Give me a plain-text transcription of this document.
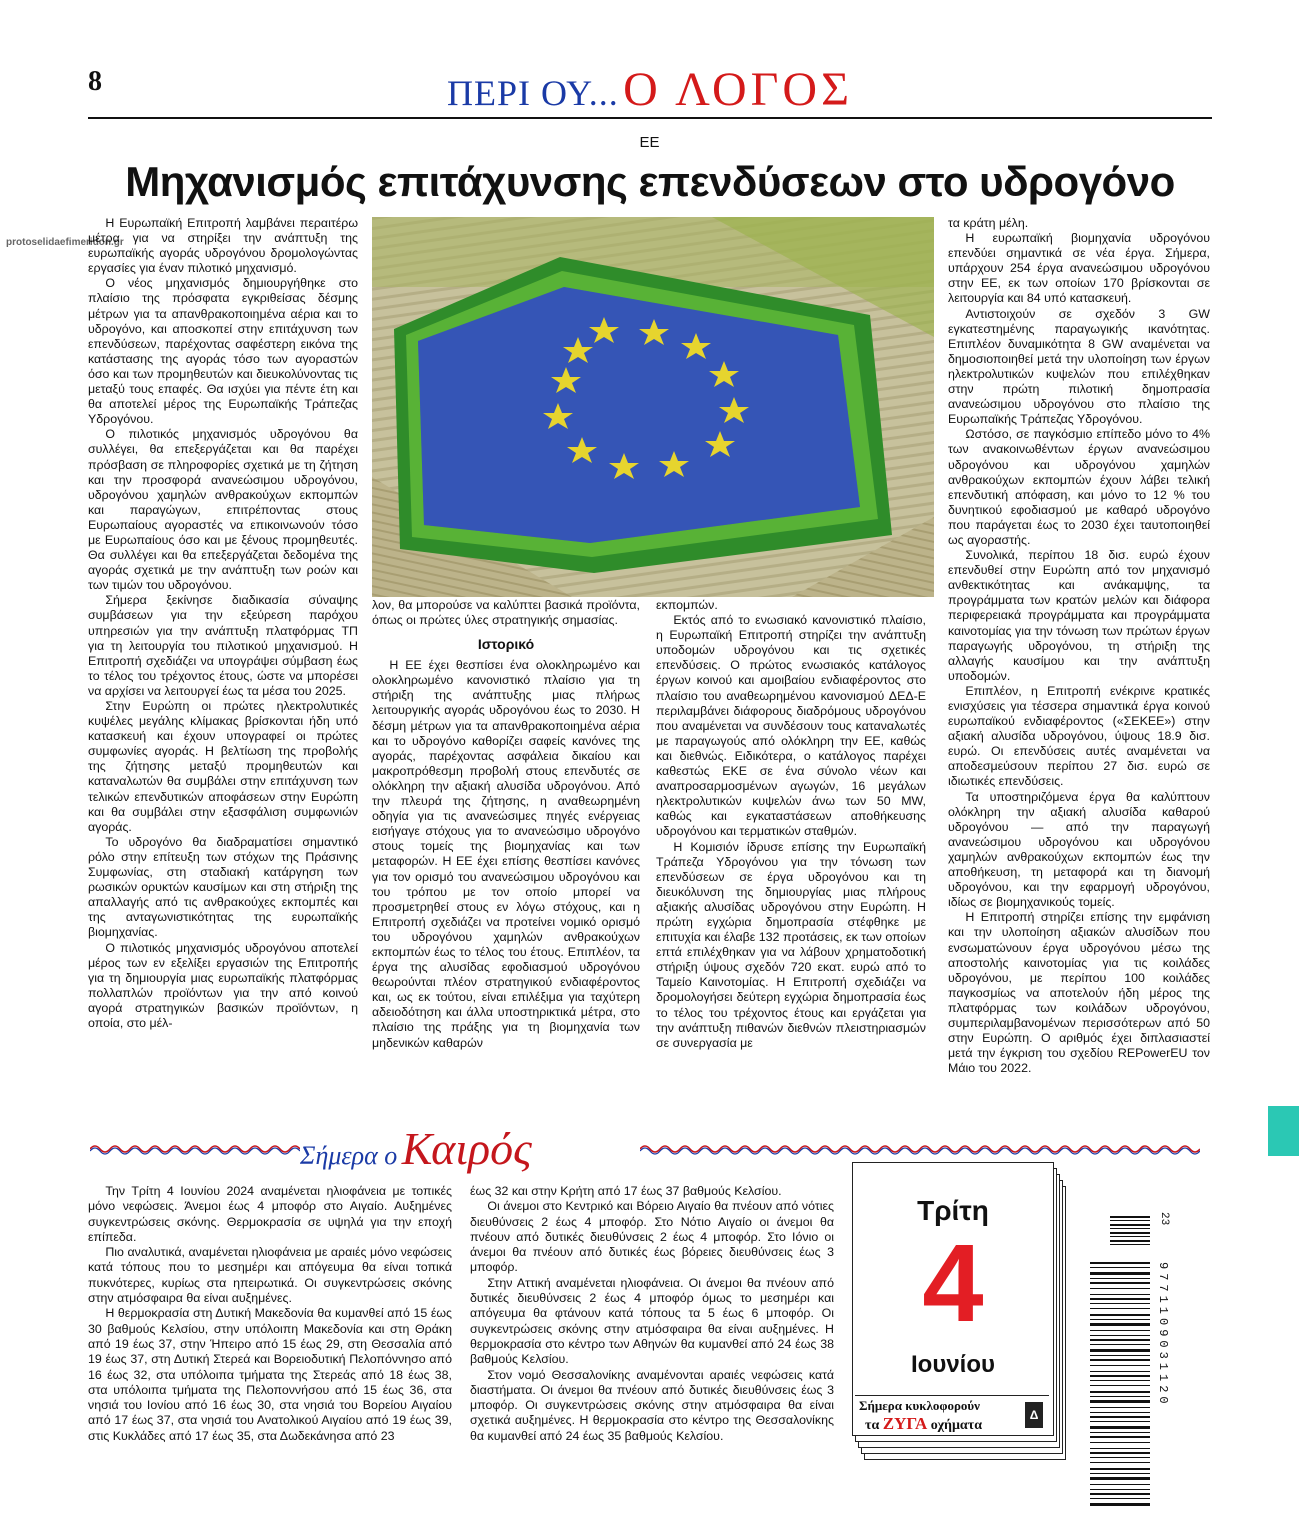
8	ΠΕΡΙ ΟΥ... Ο ΛΟΓΟΣ
ΕΕ
Μηχανισμός επιτάχυνσης επενδύσεων στο υδρογόνο
protoselidaefimeridon.gr

Η Ευρωπαϊκή Επιτροπή λαμβάνει περαιτέρω μέτρα για να στηρίξει την ανάπτυξη της ευρωπαϊκής αγοράς υδρογόνου δρομολογώντας εργασίες για έναν πιλοτικό μηχανισμό.

Ο νέος μηχανισμός δημιουργήθηκε στο πλαίσιο της πρόσφατα εγκριθείσας δέσμης μέτρων για τα απανθρακοποιημένα αέρια και το υδρογόνο, και αποσκοπεί στην επιτάχυνση των επενδύσεων, παρέχοντας σαφέστερη εικόνα της κατάστασης της αγοράς τόσο των αγοραστών όσο και των προμηθευτών και διευκολύνοντας τις μεταξύ τους επαφές. Θα ισχύει για πέντε έτη και θα αποτελεί μέρος της Ευρωπαϊκής Τράπεζας Υδρογόνου.

Ο πιλοτικός μηχανισμός υδρογόνου θα συλλέγει, θα επεξεργάζεται και θα παρέχει πρόσβαση σε πληροφορίες σχετικά με τη ζήτηση και την προσφορά ανανεώσιμου υδρογόνου, υδρογόνου χαμηλών ανθρακούχων εκπομπών και παραγώγων, επιτρέποντας στους Ευρωπαίους αγοραστές να επικοινωνούν τόσο με Ευρωπαίους όσο και με ξένους προμηθευτές. Θα συλλέγει και θα επεξεργάζεται δεδομένα της αγοράς σχετικά με την ανάπτυξη των ροών και των τιμών του υδρογόνου.

Σήμερα ξεκίνησε διαδικασία σύναψης συμβάσεων για την εξεύρεση παρόχου υπηρεσιών για την ανάπτυξη πλατφόρμας ΤΠ για τη λειτουργία του πιλοτικού μηχανισμού. Η Επιτροπή σχεδιάζει να υπογράψει σύμβαση έως το τέλος του τρέχοντος έτους, ώστε να μπορέσει να αρχίσει να λειτουργεί έως τα μέσα του 2025.

Στην Ευρώπη οι πρώτες ηλεκτρολυτικές κυψέλες μεγάλης κλίμακας βρίσκονται ήδη υπό κατασκευή και έχουν υπογραφεί οι πρώτες συμφωνίες αγοράς. Η βελτίωση της προβολής της ζήτησης μεταξύ προμηθευτών και καταναλωτών θα συμβάλει στην επιτάχυνση των τελικών επενδυτικών αποφάσεων στην Ευρώπη και θα συμβάλει στην εξασφάλιση συμφωνιών αγοράς.

Το υδρογόνο θα διαδραματίσει σημαντικό ρόλο στην επίτευξη των στόχων της Πράσινης Συμφωνίας, στη σταδιακή κατάργηση των ρωσικών ορυκτών καυσίμων και στη στήριξη της απαλλαγής από τις ανθρακούχες εκπομπές και της ανταγωνιστικότητας της ευρωπαϊκής βιομηχανίας.

Ο πιλοτικός μηχανισμός υδρογόνου αποτελεί μέρος των εν εξελίξει εργασιών της Επιτροπής για τη δημιουργία μιας ευρωπαϊκής πλατφόρμας πολλαπλών προϊόντων για την από κοινού αγορά στρατηγικών βασικών προϊόντων, η οποία, στο μέλ-

λον, θα μπορούσε να καλύπτει βασικά προϊόντα, όπως οι πρώτες ύλες στρατηγικής σημασίας.

Ιστορικό

Η ΕΕ έχει θεσπίσει ένα ολοκληρωμένο και ολοκληρωμένο κανονιστικό πλαίσιο για τη στήριξη της ανάπτυξης μιας πλήρως λειτουργικής αγοράς υδρογόνου έως το 2030. Η δέσμη μέτρων για τα απανθρακοποιημένα αέρια και το υδρογόνο καθορίζει σαφείς κανόνες της αγοράς, παρέχοντας ασφάλεια δικαίου και μακροπρόθεσμη προβολή στους επενδυτές σε ολόκληρη την αξιακή αλυσίδα υδρογόνου. Από την πλευρά της ζήτησης, η αναθεωρημένη οδηγία για τις ανανεώσιμες πηγές ενέργειας εισήγαγε στόχους για το ανανεώσιμο υδρογόνο στους τομείς της βιομηχανίας και των μεταφορών. Η ΕΕ έχει επίσης θεσπίσει κανόνες για τον ορισμό του ανανεώσιμου υδρογόνου και του τρόπου με τον οποίο μπορεί να προσμετρηθεί στους εν λόγω στόχους, και η Επιτροπή σχεδιάζει να προτείνει νομικό ορισμό του υδρογόνου χαμηλών ανθρακούχων εκπομπών έως το τέλος του έτους. Επιπλέον, τα έργα της αλυσίδας εφοδιασμού υδρογόνου θεωρούνται πλέον στρατηγικού ενδιαφέροντος και, ως εκ τούτου, είναι επιλέξιμα για ταχύτερη αδειοδότηση και άλλα υποστηρικτικά μέτρα, στο πλαίσιο της πράξης για τη βιομηχανία των μηδενικών καθαρών

εκπομπών.

Εκτός από το ενωσιακό κανονιστικό πλαίσιο, η Ευρωπαϊκή Επιτροπή στηρίζει την ανάπτυξη υποδομών υδρογόνου και τις σχετικές επενδύσεις. Ο πρώτος ενωσιακός κατάλογος έργων κοινού και αμοιβαίου ενδιαφέροντος στο πλαίσιο του αναθεωρημένου κανονισμού ΔΕΔ-Ε περιλαμβάνει διάφορους διαδρόμους υδρογόνου που αναμένεται να συνδέσουν τους καταναλωτές με παραγωγούς από ολόκληρη την ΕΕ, καθώς και διεθνώς. Ειδικότερα, ο κατάλογος παρέχει καθεστώς ΕΚΕ σε ένα σύνολο νέων και αναπροσαρμοσμένων αγωγών, 16 μεγάλων ηλεκτρολυτικών κυψελών άνω των 50 MW, καθώς και εγκαταστάσεων αποθήκευσης υδρογόνου και τερματικών σταθμών.

Η Κομισιόν ίδρυσε επίσης την Ευρωπαϊκή Τράπεζα Υδρογόνου για την τόνωση των επενδύσεων σε έργα υδρογόνου και τη διευκόλυνση της δημιουργίας μιας πλήρους αξιακής αλυσίδας υδρογόνου στην Ευρώπη. Η πρώτη εγχώρια δημοπρασία στέφθηκε με επιτυχία και έλαβε 132 προτάσεις, εκ των οποίων επτά επιλέχθηκαν για να λάβουν χρηματοδοτική στήριξη ύψους σχεδόν 720 εκατ. ευρώ από το Ταμείο Καινοτομίας. Η Επιτροπή σχεδιάζει να δρομολογήσει δεύτερη εγχώρια δημοπρασία έως το τέλος του τρέχοντος έτους και εργάζεται για την ανάπτυξη πιθανών διεθνών πλειστηριασμών σε συνεργασία με

τα κράτη μέλη.

Η ευρωπαϊκή βιομηχανία υδρογόνου επενδύει σημαντικά σε νέα έργα. Σήμερα, υπάρχουν 254 έργα ανανεώσιμου υδρογόνου στην ΕΕ, εκ των οποίων 170 βρίσκονται σε λειτουργία και 84 υπό κατασκευή.

Αντιστοιχούν σε σχεδόν 3 GW εγκατεστημένης παραγωγικής ικανότητας. Επιπλέον δυναμικότητα 8 GW αναμένεται να δημοσιοποιηθεί μετά την υλοποίηση των έργων ηλεκτρολυτικών κυψελών που επιλέχθηκαν στην πρώτη πιλοτική δημοπρασία ανανεώσιμου υδρογόνου στο πλαίσιο της Ευρωπαϊκής Τράπεζας Υδρογόνου.

Ωστόσο, σε παγκόσμιο επίπεδο μόνο το 4% των ανακοινωθέντων έργων ανανεώσιμου υδρογόνου και υδρογόνου χαμηλών ανθρακούχων εκπομπών έχουν λάβει τελική επενδυτική απόφαση, και μόνο το 12 % του δυνητικού εφοδιασμού με καθαρό υδρογόνο που παράγεται έως το 2030 έχει ταυτοποιηθεί ως αγοραστής.

Συνολικά, περίπου 18 δισ. ευρώ έχουν επενδυθεί στην Ευρώπη από τον μηχανισμό ανθεκτικότητας και ανάκαμψης, τα προγράμματα των κρατών μελών και διάφορα περιφερειακά προγράμματα και προγράμματα καινοτομίας για την τόνωση των πρώτων έργων παραγωγής υδρογόνου, τη στήριξη της αλλαγής καυσίμου και την ανάπτυξη υποδομών.

Επιπλέον, η Επιτροπή ενέκρινε κρατικές ενισχύσεις για τέσσερα σημαντικά έργα κοινού ευρωπαϊκού ενδιαφέροντος («ΣΕΚΕΕ») στην αξιακή αλυσίδα υδρογόνου, ύψους 18.9 δισ. ευρώ. Οι επενδύσεις αυτές αναμένεται να αποδεσμεύσουν περίπου 27 δισ. ευρώ σε ιδιωτικές επενδύσεις.

Τα υποστηριζόμενα έργα θα καλύπτουν ολόκληρη την αξιακή αλυσίδα καθαρού υδρογόνου — από την παραγωγή ανανεώσιμου υδρογόνου και υδρογόνου χαμηλών ανθρακούχων εκπομπών έως την αποθήκευση, τη μεταφορά και τη διανομή υδρογόνου, και την εφαρμογή υδρογόνου, ιδίως σε βιομηχανικούς τομείς.

Η Επιτροπή στηρίζει επίσης την εμφάνιση και την υλοποίηση αξιακών αλυσίδων που ενσωματώνουν έργα υδρογόνου μέσω της αποστολής καινοτομίας για τις κοιλάδες υδρογόνου, με περίπου 100 κοιλάδες παγκοσμίως να αποτελούν ήδη μέρος της πλατφόρμας των κοιλάδων υδρογόνου, συμπεριλαμβανομένων περισσότερων από 50 στην Ευρώπη. Ο αριθμός έχει διπλασιαστεί μετά την έγκριση του σχεδίου REPowerEU τον Μάιο του 2022.

Σήμερα ο Καιρός

Την Τρίτη 4 Ιουνίου 2024 αναμένεται ηλιοφάνεια με τοπικές μόνο νεφώσεις. Άνεμοι έως 4 μποφόρ στο Αιγαίο. Αυξημένες συγκεντρώσεις σκόνης. Θερμοκρασία σε υψηλά για την εποχή επίπεδα.

Πιο αναλυτικά, αναμένεται ηλιοφάνεια με αραιές μόνο νεφώσεις κατά τόπους που το μεσημέρι και απόγευμα θα είναι τοπικά πυκνότερες, κυρίως στα ηπειρωτικά. Οι συγκεντρώσεις σκόνης στην ατμόσφαιρα θα είναι αυξημένες.

Η θερμοκρασία στη Δυτική Μακεδονία θα κυμανθεί από 15 έως 30 βαθμούς Κελσίου, στην υπόλοιπη Μακεδονία και στη Θράκη από 19 έως 37, στην Ήπειρο από 15 έως 29, στη Θεσσαλία από 19 έως 37, στη Δυτική Στερεά και Βορειοδυτική Πελοπόννησο από 16 έως 32, στα υπόλοιπα τμήματα της Στερεάς από 18 έως 38, στα υπόλοιπα τμήματα της Πελοποννήσου από 15 έως 36, στα νησιά του Ιονίου από 16 έως 30, στα νησιά του Βορείου Αιγαίου από 17 έως 37, στα νησιά του Ανατολικού Αιγαίου από 19 έως 39, στις Κυκλάδες από 17 έως 35, στα Δωδεκάνησα από 23

έως 32 και στην Κρήτη από 17 έως 37 βαθμούς Κελσίου.

Οι άνεμοι στο Κεντρικό και Βόρειο Αιγαίο θα πνέουν από νότιες διευθύνσεις 2 έως 4 μποφόρ. Στο Νότιο Αιγαίο οι άνεμοι θα πνέουν από δυτικές διευθύνσεις 2 έως 4 μποφόρ. Στο Ιόνιο οι άνεμοι θα πνέουν από δυτικές έως βόρειες διευθύνσεις έως 3 μποφόρ.

Στην Αττική αναμένεται ηλιοφάνεια. Οι άνεμοι θα πνέουν από δυτικές διευθύνσεις 2 έως 4 μποφόρ όμως το μεσημέρι και απόγευμα θα φτάνουν κατά τόπους τα 5 έως 6 μποφόρ. Οι συγκεντρώσεις σκόνης στην ατμόσφαιρα θα είναι αυξημένες. Η θερμοκρασία στο κέντρο των Αθηνών θα κυμανθεί από 24 έως 38 βαθμούς Κελσίου.

Στον νομό Θεσσαλονίκης αναμένονται αραιές νεφώσεις κατά διαστήματα. Οι άνεμοι θα πνέουν από δυτικές διευθύνσεις έως 3 μποφόρ. Οι συγκεντρώσεις σκόνης στην ατμόσφαιρα θα είναι σχετικά αυξημένες. Η θερμοκρασία στο κέντρο της Θεσσαλονίκης θα κυμανθεί από 24 έως 35 βαθμούς Κελσίου.

Τρίτη
4
Ιουνίου
Σήμερα κυκλοφορούν
τα ΖΥΓΑ οχήματα
Δ
23
9771109031120
